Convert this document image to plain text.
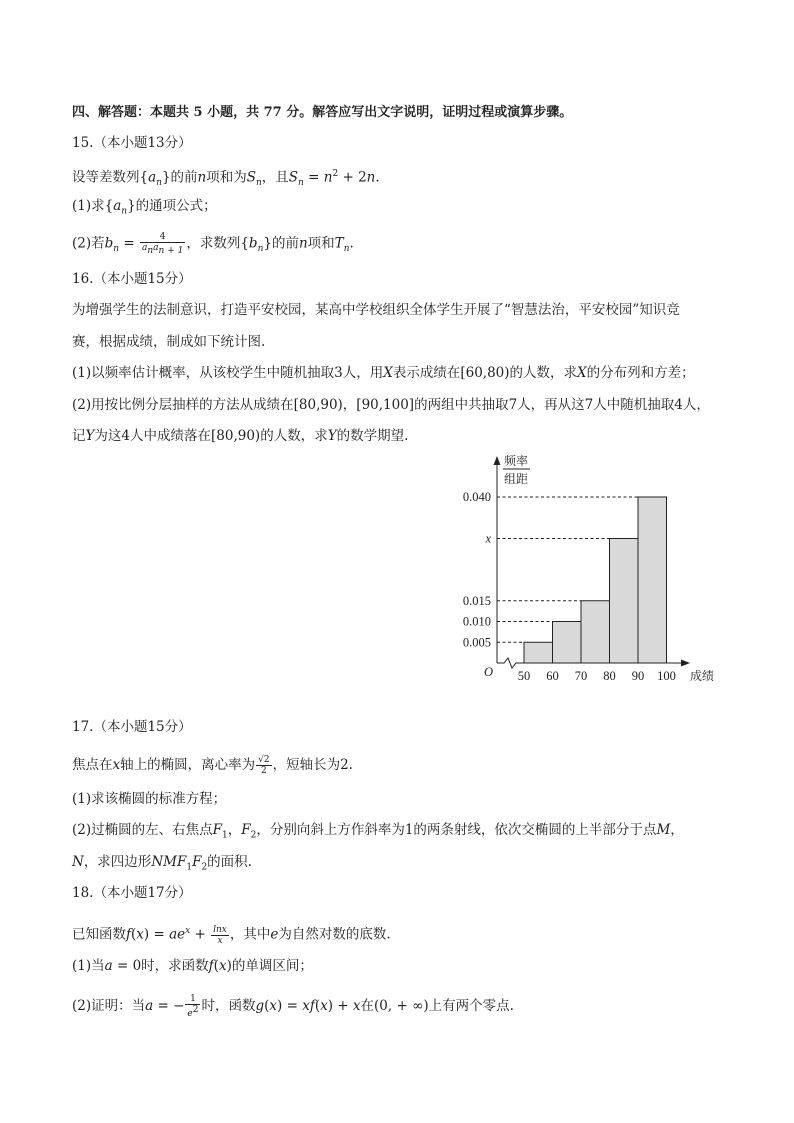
四、解答题：本题共 5 小题，共 77 分。解答应写出文字说明，证明过程或演算步骤。
15.（本小题13分）
设等差数列$\{a_n\}$的前n项和为$S_n$，且$S_n = n^2 + 2n$.
(1)求$\{a_n\}$的通项公式；
(2)若$b_n = \frac{4}{a_na_{n + 1}}$ ，求数列$\{b_n\}$的前n项和$T_n$.
16.（本小题15分）
为增强学生的法制意识，打造平安校园，某高中学校组织全体学生开展了“智慧法治，平安校园”知识竞
赛，根据成绩，制成如下统计图.
(1)以频率估计概率，从该校学生中随机抽取3人，用X表示成绩在[60,80)的人数，求X的分布列和方差；
(2)用按比例分层抽样的方法从成绩在[80,90)，[90,100]的两组中共抽取7人，再从这7人中随机抽取4人，
记Y为这4人中成绩落在[80,90)的人数，求Y的数学期望.
0.005
0.010
0.015
x
0.040
50 60 70 80 90 100
频率
组距
成绩
O
17.（本小题15分）
焦点在x轴上的椭圆，离心率为 $\frac{√2}{2}$ ，短轴长为2.
(1)求该椭圆的标准方程；
(2)过椭圆的左、右焦点$F_1$，$F_2$，分别向斜上方作斜率为1的两条射线，依次交椭圆的上半部分于点M，
N，求四边形$NMF_1F_2$的面积.
18.（本小题17分）
已知函数$f(x) = ae^x + \frac{\ln x}{x}$ ，其中e为自然对数的底数.
(1)当a = 0时，求函数f(x)的单调区间；
(2)证明：当a = − $\frac{1}{e^2}$ 时，函数g(x) = xf(x) + x在(0, + ∞)上有两个零点.
